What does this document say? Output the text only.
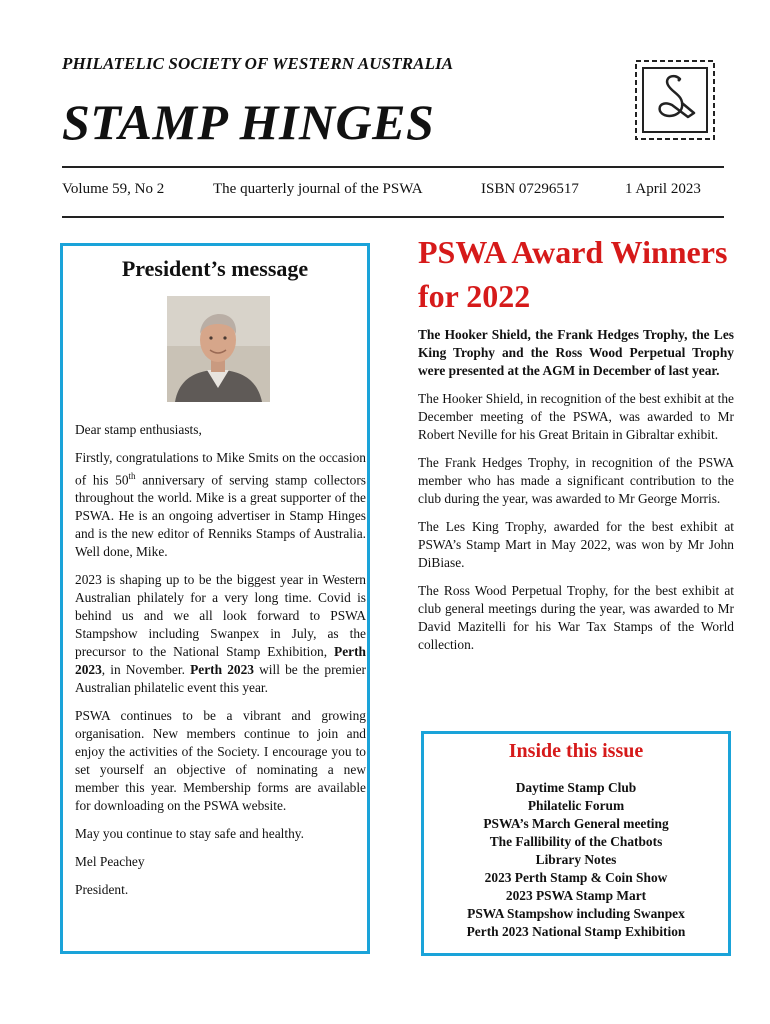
PHILATELIC SOCIETY OF WESTERN AUSTRALIA
STAMP HINGES
Volume 59, No 2	The quarterly journal of the PSWA	ISBN 07296517	1 April 2023
President’s message

Dear stamp enthusiasts,

Firstly, congratulations to Mike Smits on the occasion of his 50th anniversary of serving stamp collectors throughout the world. Mike is a great supporter of the PSWA. He is an ongoing advertiser in Stamp Hinges and is the new editor of Renniks Stamps of Australia. Well done, Mike.

2023 is shaping up to be the biggest year in Western Australian philately for a very long time. Covid is behind us and we all look forward to PSWA Stampshow including Swanpex in July, as the precursor to the National Stamp Exhibition, Perth 2023, in November. Perth 2023 will be the premier Australian philatelic event this year.

PSWA continues to be a vibrant and growing organisation. New members continue to join and enjoy the activities of the Society. I encourage you to set yourself an objective of nominating a new member this year. Membership forms are available for downloading on the PSWA website.

May you continue to stay safe and healthy.

Mel Peachey

President.

PSWA Award Winners for 2022

The Hooker Shield, the Frank Hedges Trophy, the Les King Trophy and the Ross Wood Perpetual Trophy were presented at the AGM in December of last year.

The Hooker Shield, in recognition of the best exhibit at the December meeting of the PSWA, was awarded to Mr Robert Neville for his Great Britain in Gibraltar exhibit.

The Frank Hedges Trophy, in recognition of the PSWA member who has made a significant contribution to the club during the year, was awarded to Mr George Morris.

The Les King Trophy, awarded for the best exhibit at PSWA’s Stamp Mart in May 2022, was won by Mr John DiBiase.

The Ross Wood Perpetual Trophy, for the best exhibit at club general meetings during the year, was awarded to Mr David Mazitelli for his War Tax Stamps of the World collection.

Inside this issue
Daytime Stamp Club
Philatelic Forum
PSWA’s March General meeting
The Fallibility of the Chatbots
Library Notes
2023 Perth Stamp & Coin Show
2023 PSWA Stamp Mart
PSWA Stampshow including Swanpex
Perth 2023 National Stamp Exhibition
